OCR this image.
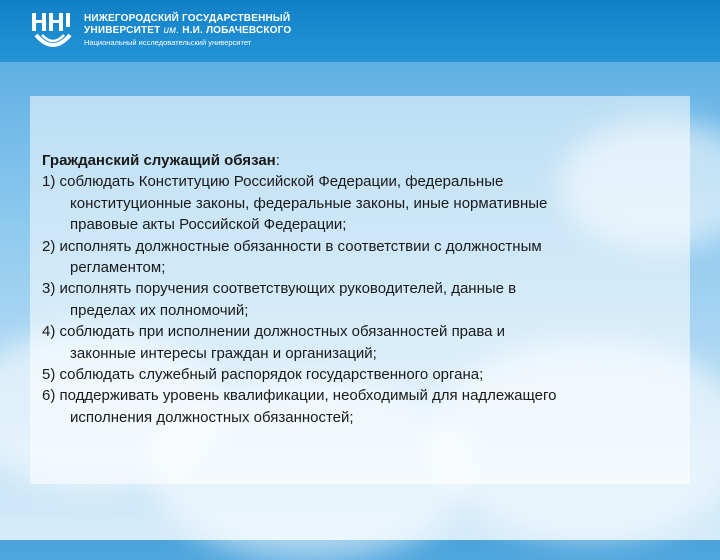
НИЖЕГОРОДСКИЙ ГОСУДАРСТВЕННЫЙ
УНИВЕРСИТЕТ им. Н.И. ЛОБАЧЕВСКОГО
Национальный исследовательский университет
Гражданский служащий обязан:
1) соблюдать Конституцию Российской Федерации, федеральные
конституционные законы, федеральные законы, иные нормативные
правовые акты Российской Федерации;
2) исполнять должностные обязанности в соответствии с должностным
регламентом;
3) исполнять поручения соответствующих руководителей, данные в
пределах их полномочий;
4) соблюдать при исполнении должностных обязанностей права и
законные интересы граждан и организаций;
5) соблюдать служебный распорядок государственного органа;
6) поддерживать уровень квалификации, необходимый для надлежащего
исполнения должностных обязанностей;
